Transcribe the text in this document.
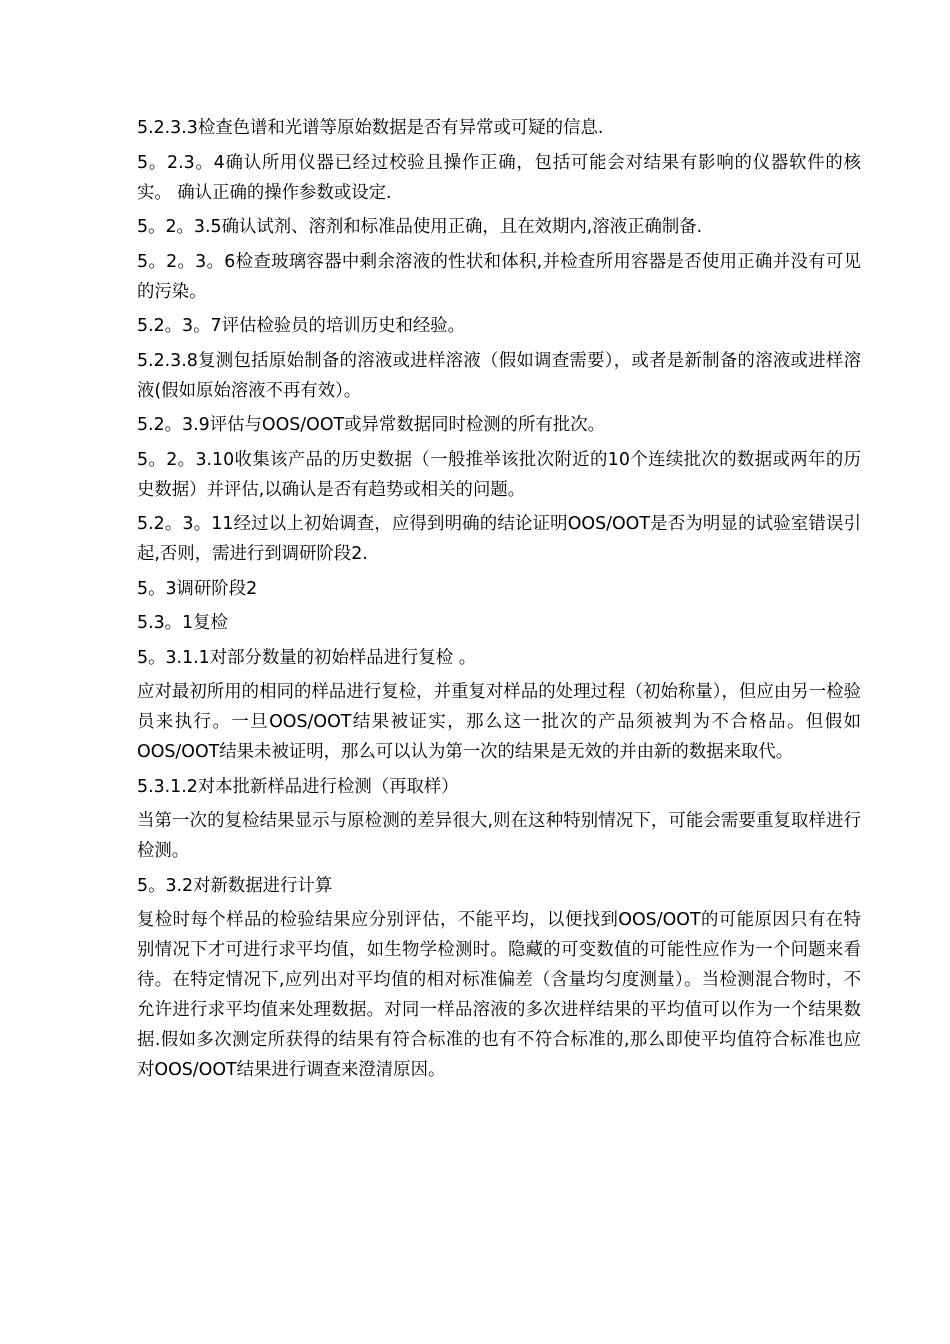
5.2.3.3检查色谱和光谱等原始数据是否有异常或可疑的信息.

5。2.3。4确认所用仪器已经过校验且操作正确，包括可能会对结果有影响的仪器软件的核实。 确认正确的操作参数或设定.

5。2。3.5确认试剂、溶剂和标准品使用正确，且在效期内,溶液正确制备.

5。2。3。6检查玻璃容器中剩余溶液的性状和体积,并检查所用容器是否使用正确并没有可见的污染。

5.2。3。7评估检验员的培训历史和经验。

5.2.3.8复测包括原始制备的溶液或进样溶液（假如调查需要），或者是新制备的溶液或进样溶液(假如原始溶液不再有效）。

5.2。3.9评估与OOS/OOT或异常数据同时检测的所有批次。

5。2。3.10收集该产品的历史数据（一般推举该批次附近的10个连续批次的数据或两年的历史数据）并评估,以确认是否有趋势或相关的问题。

5.2。3。11经过以上初始调查，应得到明确的结论证明OOS/OOT是否为明显的试验室错误引起,否则，需进行到调研阶段2.

5。3调研阶段2

5.3。1复检

5。3.1.1对部分数量的初始样品进行复检 。

应对最初所用的相同的样品进行复检，并重复对样品的处理过程（初始称量），但应由另一检验员来执行。一旦OOS/OOT结果被证实，那么这一批次的产品须被判为不合格品。但假如OOS/OOT结果未被证明，那么可以认为第一次的结果是无效的并由新的数据来取代。

5.3.1.2对本批新样品进行检测（再取样）

当第一次的复检结果显示与原检测的差异很大,则在这种特别情况下，可能会需要重复取样进行检测。

5。3.2对新数据进行计算

复检时每个样品的检验结果应分别评估，不能平均，以便找到OOS/OOT的可能原因只有在特别情况下才可进行求平均值，如生物学检测时。隐藏的可变数值的可能性应作为一个问题来看待。在特定情况下,应列出对平均值的相对标准偏差（含量均匀度测量）。当检测混合物时，不允许进行求平均值来处理数据。对同一样品溶液的多次进样结果的平均值可以作为一个结果数据.假如多次测定所获得的结果有符合标准的也有不符合标准的,那么即使平均值符合标准也应对OOS/OOT结果进行调查来澄清原因。
